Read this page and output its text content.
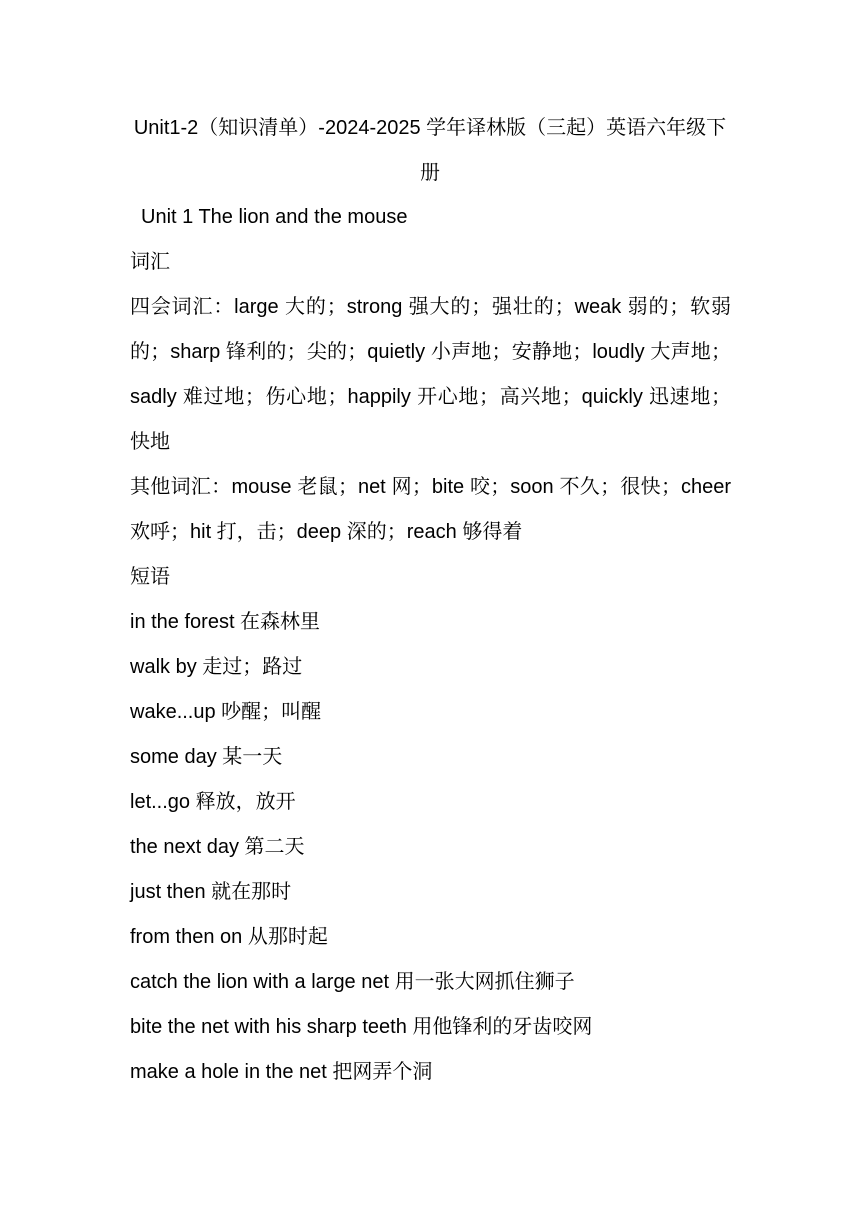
Unit1-2（知识清单）-2024-2025 学年译林版（三起）英语六年级下册

Unit 1 The lion and the mouse

词汇

四会词汇：large 大的；strong 强大的；强壮的；weak 弱的；软弱的；sharp 锋利的；尖的；quietly 小声地；安静地；loudly 大声地；sadly 难过地；伤心地；happily 开心地；高兴地；quickly 迅速地；快地

其他词汇：mouse 老鼠；net 网；bite 咬；soon 不久；很快；cheer 欢呼；hit 打，击；deep 深的；reach 够得着

短语

in the forest 在森林里

walk by 走过；路过

wake...up 吵醒；叫醒

some day 某一天

let...go 释放，放开

the next day 第二天

just then 就在那时

from then on 从那时起

catch the lion with a large net 用一张大网抓住狮子

bite the net with his sharp teeth 用他锋利的牙齿咬网

make a hole in the net 把网弄个洞
